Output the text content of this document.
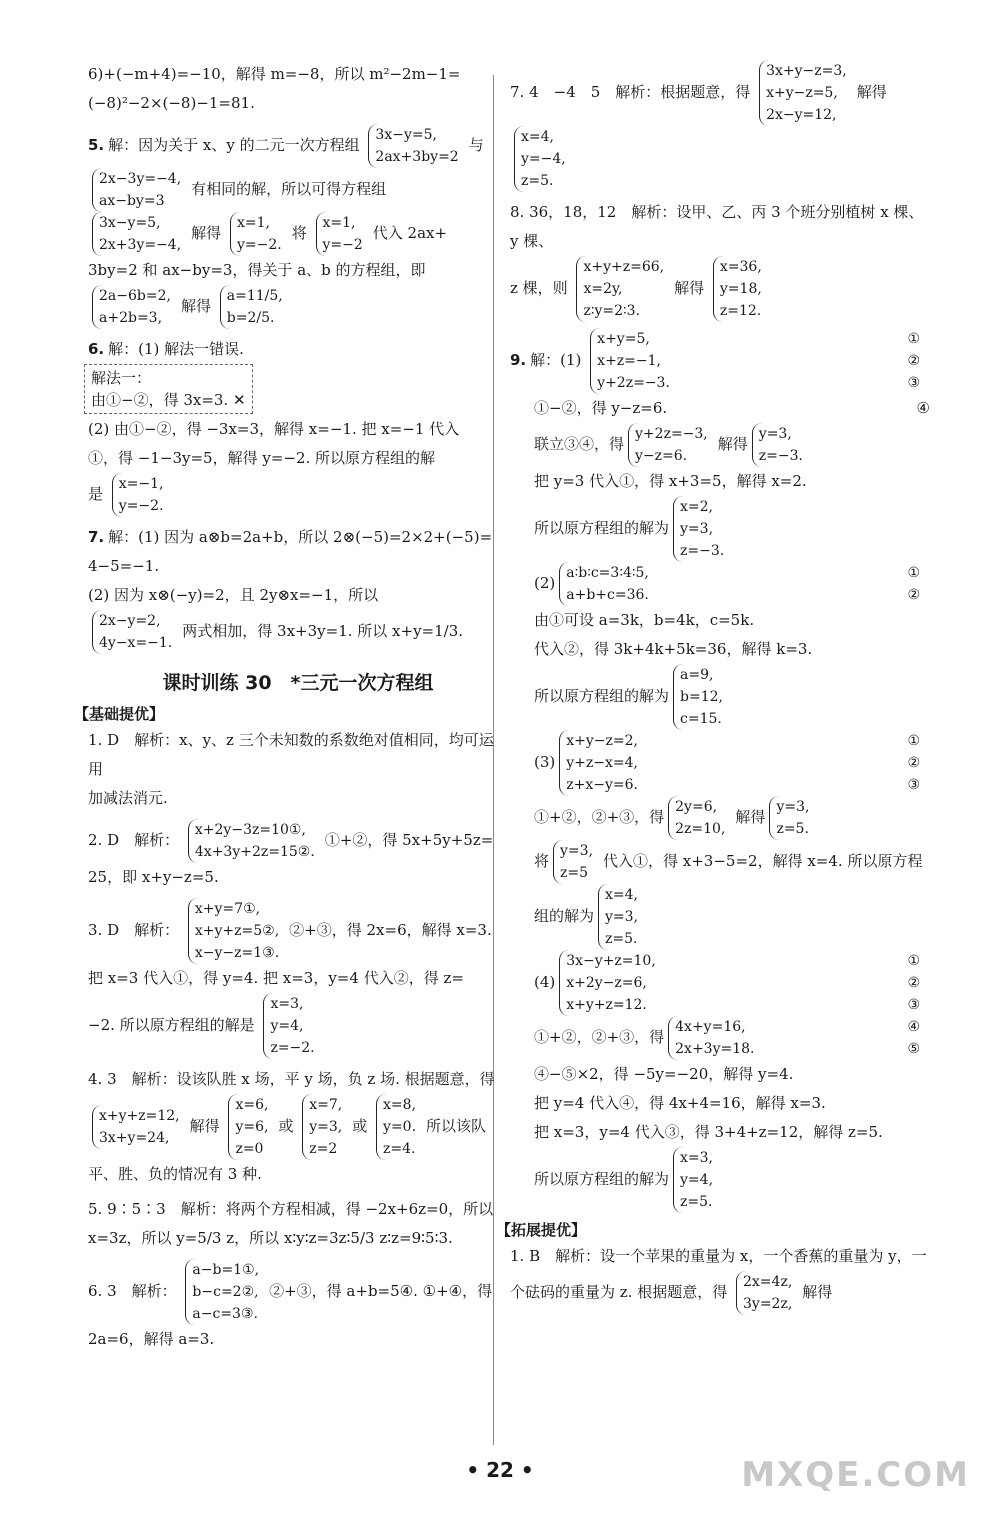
6)+(−m+4)=−10，解得 m=−8，所以 m²−2m−1=
(−8)²−2×(−8)−1=81.
5. 解：因为关于 x、y 的二元一次方程组
3x−y=5,
2ax+3by=2
与

2x−3y=−4,
ax−by=3
有相同的解，所以可得方程组

3x−y=5,
2x+3y=−4,
解得
x=1,
y=−2.
将
x=1,
y=−2
代入 2ax+
3by=2 和 ax−by=3，得关于 a、b 的方程组，即
2a−6b=2,
a+2b=3,
解得
a=11/5,
b=2/5.
6. 解：(1) 解法一错误.

解法一：
由①−②，得 3x=3. ✕
(2) 由①−②，得 −3x=3，解得 x=−1. 把 x=−1 代入
①，得 −1−3y=5，解得 y=−2. 所以原方程组的解
是
x=−1,
y=−2.
7. 解：(1) 因为 a⊗b=2a+b，所以 2⊗(−5)=2×2+(−5)=
4−5=−1.
(2) 因为 x⊗(−y)=2，且 2y⊗x=−1，所以
2x−y=2,
4y−x=−1.
两式相加，得 3x+3y=1. 所以 x+y=1/3.
课时训练 30　*三元一次方程组
【基础提优】
1. D　解析：x、y、z 三个未知数的系数绝对值相同，均可运用
加减法消元.
2. D　解析：
x+2y−3z=10①,
4x+3y+2z=15②.
①+②，得 5x+5y+5z=
25，即 x+y−z=5.
3. D　解析：
x+y=7①,
x+y+z=5②,
x−y−z=1③.
②+③，得 2x=6，解得 x=3.
把 x=3 代入①，得 y=4. 把 x=3，y=4 代入②，得 z=
−2. 所以原方程组的解是
x=3,
y=4,
z=−2.
4. 3　解析：设该队胜 x 场，平 y 场，负 z 场. 根据题意，得
x+y+z=12,
3x+y=24,
解得
x=6,
y=6,
z=0
或
x=7,
y=3,
z=2
或
x=8,
y=0.
z=4.
所以该队
平、胜、负的情况有 3 种.
5. 9∶5∶3　解析：将两个方程相减，得 −2x+6z=0，所以
x=3z，所以 y=5/3 z，所以 x∶y∶z=3z∶5/3 z∶z=9∶5∶3.
6. 3　解析：
a−b=1①,
b−c=2②,
a−c=3③.
②+③，得 a+b=5④. ①+④，得
2a=6，解得 a=3.
7. 4　−4　5　解析：根据题意，得
3x+y−z=3,
x+y−z=5,
2x−y=12,
解得

x=4,
y=−4,
z=5.
8. 36，18，12　解析：设甲、乙、丙 3 个班分别植树 x 棵、y 棵、
z 棵，则
x+y+z=66,
x=2y,
z∶y=2∶3.
解得
x=36,
y=18,
z=12.
9. 解：(1)
x+y=5,
x+z=−1,
y+2z=−3.
①
②
③
①−②，得 y−z=6.	④
联立③④，得
y+2z=−3,
y−z=6.
解得
y=3,
z=−3.
把 y=3 代入①，得 x+3=5，解得 x=2.
所以原方程组的解为
x=2,
y=3,
z=−3.
(2)
a∶b∶c=3∶4∶5,
a+b+c=36.
①
②
由①可设 a=3k，b=4k，c=5k.
代入②，得 3k+4k+5k=36，解得 k=3.
所以原方程组的解为
a=9,
b=12,
c=15.
(3)
x+y−z=2,
y+z−x=4,
z+x−y=6.
①
②
③
①+②，②+③，得
2y=6,
2z=10,
解得
y=3,
z=5.
将
y=3,
z=5
代入①，得 x+3−5=2，解得 x=4. 所以原方程
组的解为
x=4,
y=3,
z=5.
(4)
3x−y+z=10,
x+2y−z=6,
x+y+z=12.
①
②
③
①+②，②+③，得
4x+y=16,
2x+3y=18.
④
⑤
④−⑤×2，得 −5y=−20，解得 y=4.
把 y=4 代入④，得 4x+4=16，解得 x=3.
把 x=3，y=4 代入③，得 3+4+z=12，解得 z=5.
所以原方程组的解为
x=3,
y=4,
z=5.
【拓展提优】
1. B　解析：设一个苹果的重量为 x，一个香蕉的重量为 y，一
个砝码的重量为 z. 根据题意，得
2x=4z,
3y=2z,
解得
• 22 •	MXQE.COM
